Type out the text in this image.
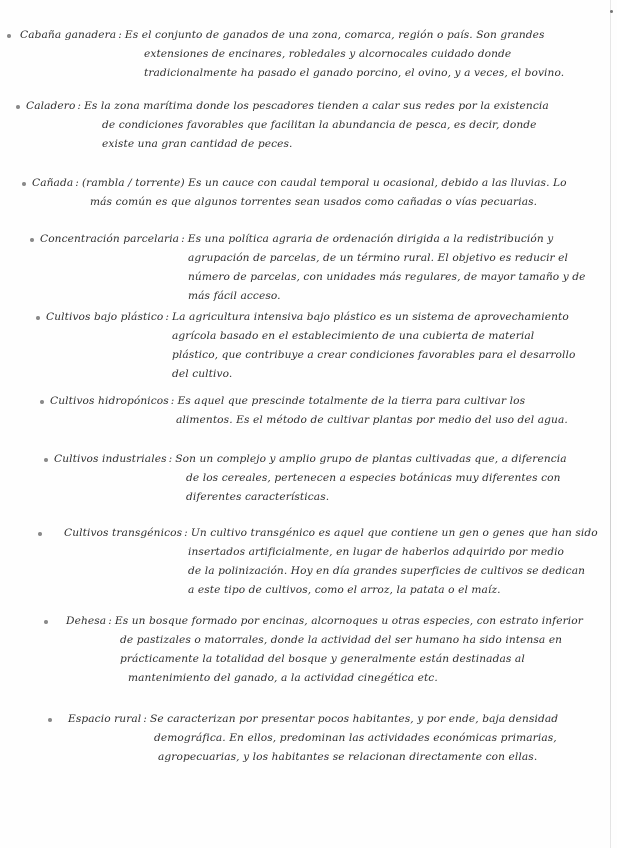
Cabaña ganadera : Es el conjunto de ganados de una zona, comarca, región o país. Son grandes
extensiones de encinares, robledales y alcornocales cuidado donde
tradicionalmente ha pasado el ganado porcino, el ovino, y a veces, el bovino.
Caladero : Es la zona marítima donde los pescadores tienden a calar sus redes por la existencia
de condiciones favorables que facilitan la abundancia de pesca, es decir, donde
existe una gran cantidad de peces.
Cañada : (rambla / torrente) Es un cauce con caudal temporal u ocasional, debido a las lluvias. Lo
más común es que algunos torrentes sean usados como cañadas o vías pecuarias.
Concentración parcelaria : Es una política agraria de ordenación dirigida a la redistribución y
agrupación de parcelas, de un término rural. El objetivo es reducir el
número de parcelas, con unidades más regulares, de mayor tamaño y de
más fácil acceso.
Cultivos bajo plástico : La agricultura intensiva bajo plástico es un sistema de aprovechamiento
agrícola basado en el establecimiento de una cubierta de material
plástico, que contribuye a crear condiciones favorables para el desarrollo
del cultivo.
Cultivos hidropónicos : Es aquel que prescinde totalmente de la tierra para cultivar los
alimentos. Es el método de cultivar plantas por medio del uso del agua.
Cultivos industriales : Son un complejo y amplio grupo de plantas cultivadas que, a diferencia
de los cereales, pertenecen a especies botánicas muy diferentes con
diferentes características.
Cultivos transgénicos : Un cultivo transgénico es aquel que contiene un gen o genes que han sido
insertados artificialmente, en lugar de haberlos adquirido por medio
de la polinización. Hoy en día grandes superficies de cultivos se dedican
a este tipo de cultivos, como el arroz, la patata o el maíz.
Dehesa : Es un bosque formado por encinas, alcornoques u otras especies, con estrato inferior
de pastizales o matorrales, donde la actividad del ser humano ha sido intensa en
prácticamente la totalidad del bosque y generalmente están destinadas al
mantenimiento del ganado, a la actividad cinegética etc.
Espacio rural : Se caracterizan por presentar pocos habitantes, y por ende, baja densidad
demográfica. En ellos, predominan las actividades económicas primarias,
agropecuarias, y los habitantes se relacionan directamente con ellas.
